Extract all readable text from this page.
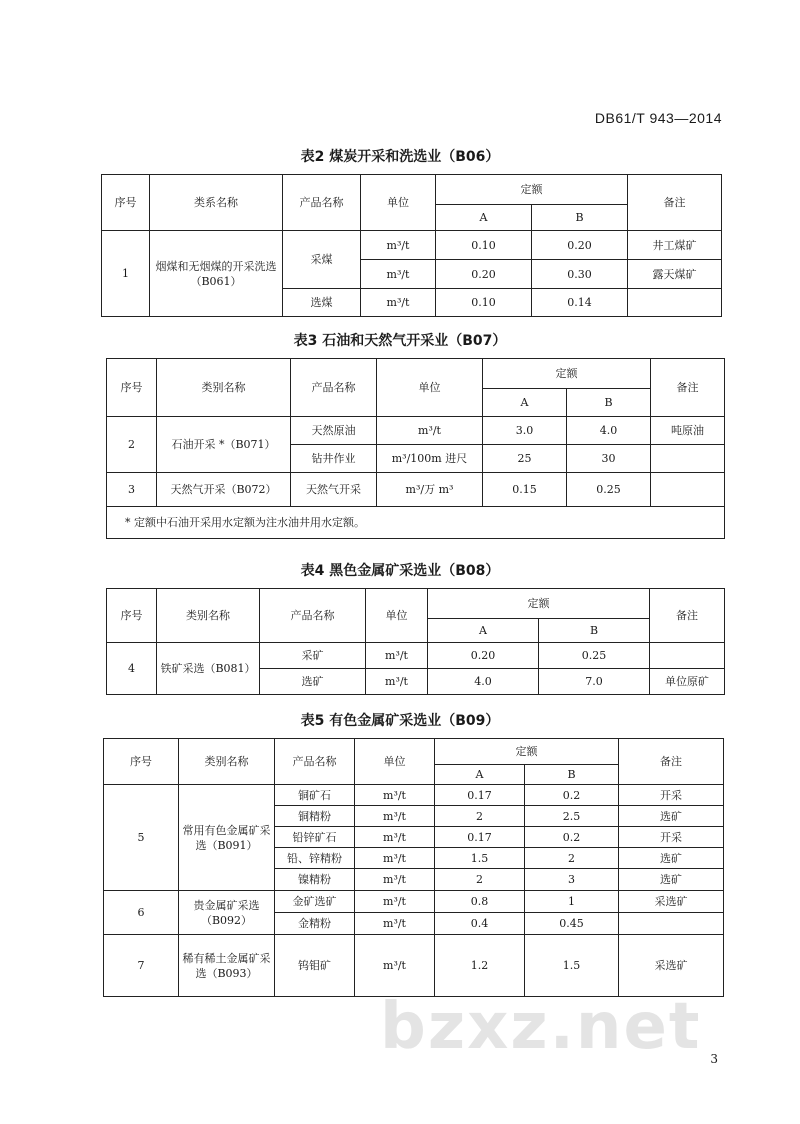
DB61/T 943—2014
表2 煤炭开采和洗选业（B06）
序号	类系名称	产品名称	单位	定额		备注
				A	B	
1	烟煤和无烟煤的开采洗选（B061）	采煤	m³/t	0.10	0.20	井工煤矿
			m³/t	0.20	0.30	露天煤矿
		选煤	m³/t	0.10	0.14	
表3 石油和天然气开采业（B07）
序号	类别名称	产品名称	单位	定额		备注
				A	B	
2	石油开采 *（B071）	天然原油	m³/t	3.0	4.0	吨原油
		钻井作业	m³/100m 进尺	25	30	
3	天然气开采（B072）	天然气开采	m³/万 m³	0.15	0.25	
* 定额中石油开采用水定额为注水油井用水定额。						
表4 黑色金属矿采选业（B08）
序号	类别名称	产品名称	单位	定额		备注
				A	B	
4	铁矿采选（B081）	采矿	m³/t	0.20	0.25	
		选矿	m³/t	4.0	7.0	单位原矿
表5 有色金属矿采选业（B09）
序号	类别名称	产品名称	单位	定额		备注
				A	B	
5	常用有色金属矿采选（B091）	铜矿石	m³/t	0.17	0.2	开采
		铜精粉	m³/t	2	2.5	选矿
		铅锌矿石	m³/t	0.17	0.2	开采
		铅、锌精粉	m³/t	1.5	2	选矿
		镍精粉	m³/t	2	3	选矿
6	贵金属矿采选（B092）	金矿选矿	m³/t	0.8	1	采选矿
		金精粉	m³/t	0.4	0.45	
7	稀有稀土金属矿采选（B093）	钨钼矿	m³/t	1.2	1.5	采选矿
bzxz.net 3
